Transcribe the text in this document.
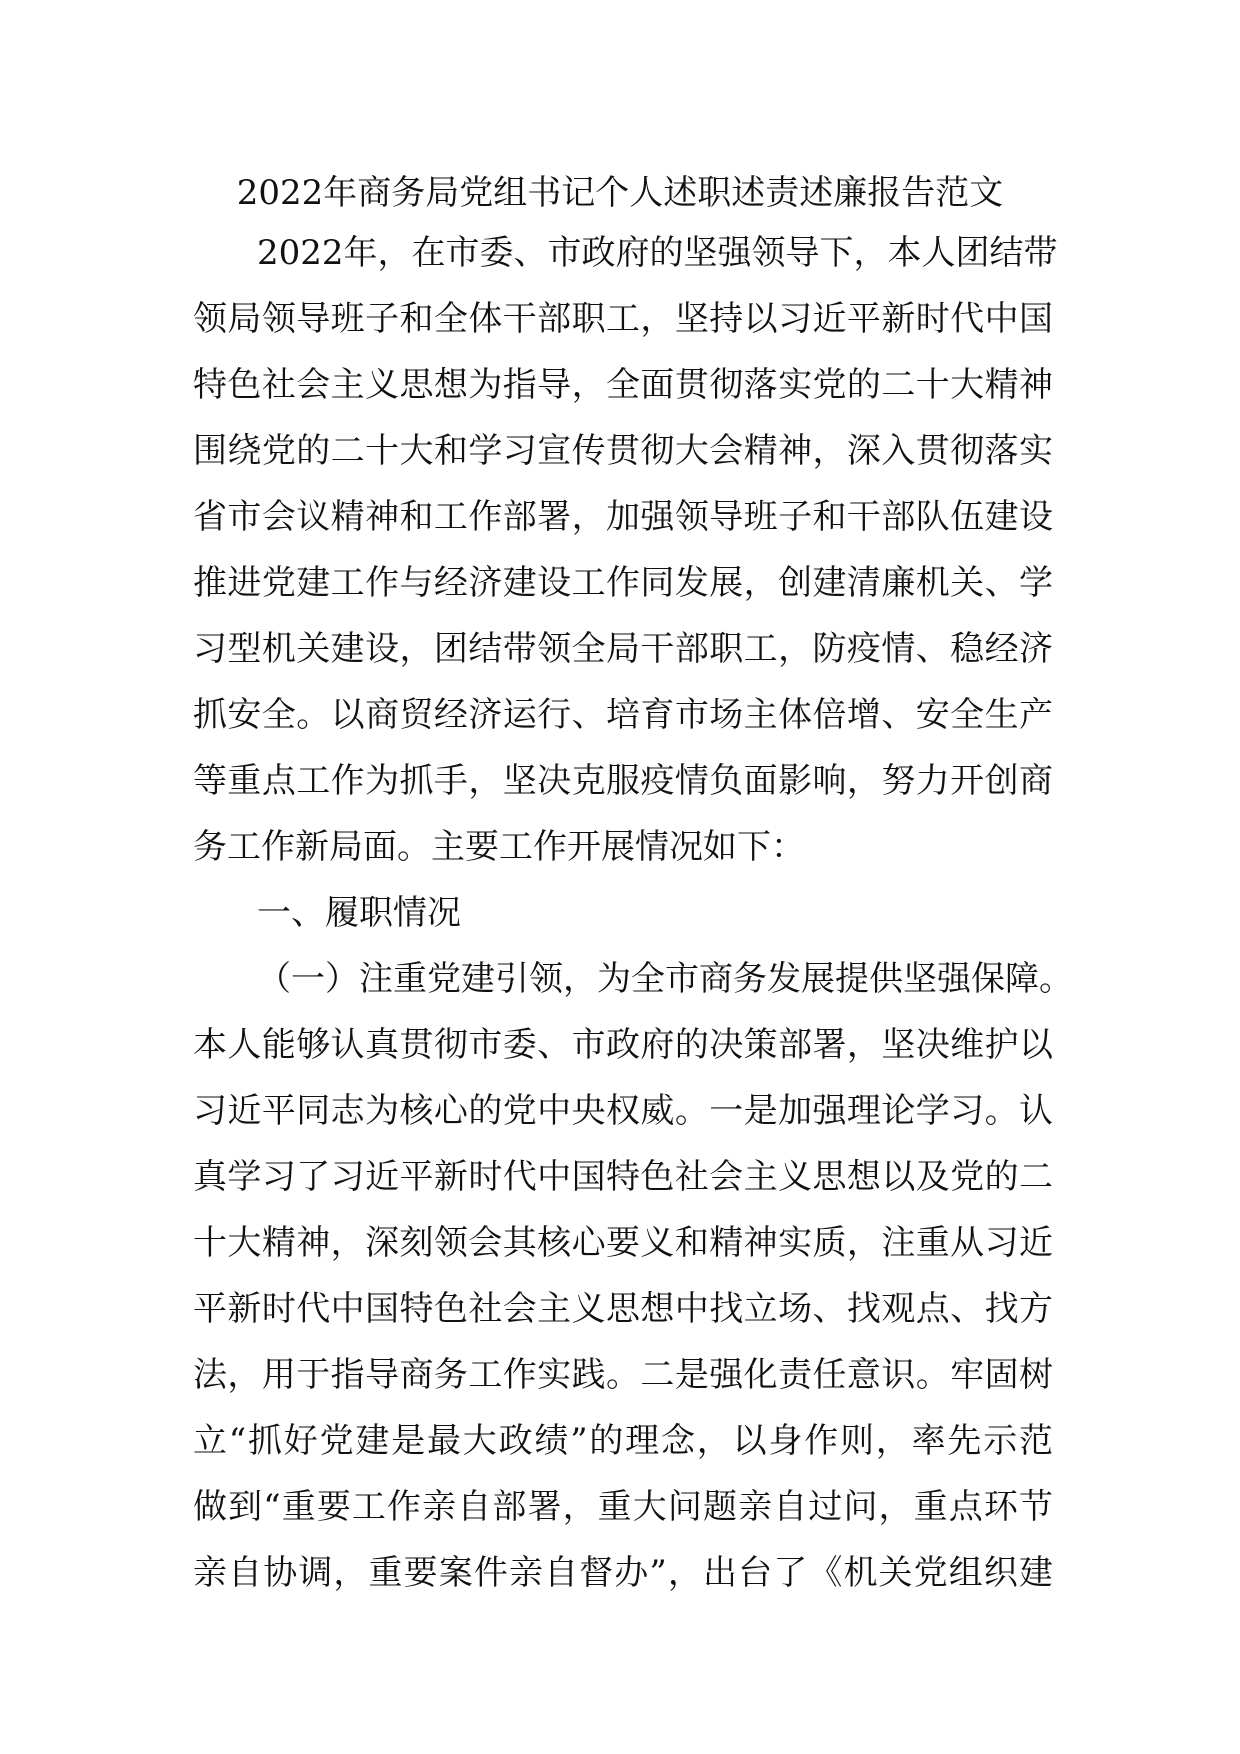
2022年商务局党组书记个人述职述责述廉报告范文
2022年，在市委、市政府的坚强领导下，本人团结带
领局领导班子和全体干部职工，坚持以习近平新时代中国
特色社会主义思想为指导，全面贯彻落实党的二十大精神
围绕党的二十大和学习宣传贯彻大会精神，深入贯彻落实
省市会议精神和工作部署，加强领导班子和干部队伍建设
推进党建工作与经济建设工作同发展，创建清廉机关、学
习型机关建设，团结带领全局干部职工，防疫情、稳经济
抓安全。以商贸经济运行、培育市场主体倍增、安全生产
等重点工作为抓手，坚决克服疫情负面影响，努力开创商
务工作新局面。主要工作开展情况如下：
一、履职情况
（一）注重党建引领，为全市商务发展提供坚强保障。
本人能够认真贯彻市委、市政府的决策部署，坚决维护以
习近平同志为核心的党中央权威。一是加强理论学习。认
真学习了习近平新时代中国特色社会主义思想以及党的二
十大精神，深刻领会其核心要义和精神实质，注重从习近
平新时代中国特色社会主义思想中找立场、找观点、找方
法，用于指导商务工作实践。二是强化责任意识。牢固树
立“抓好党建是最大政绩”的理念，以身作则，率先示范
做到“重要工作亲自部署，重大问题亲自过问，重点环节
亲自协调，重要案件亲自督办”，出台了《机关党组织建
